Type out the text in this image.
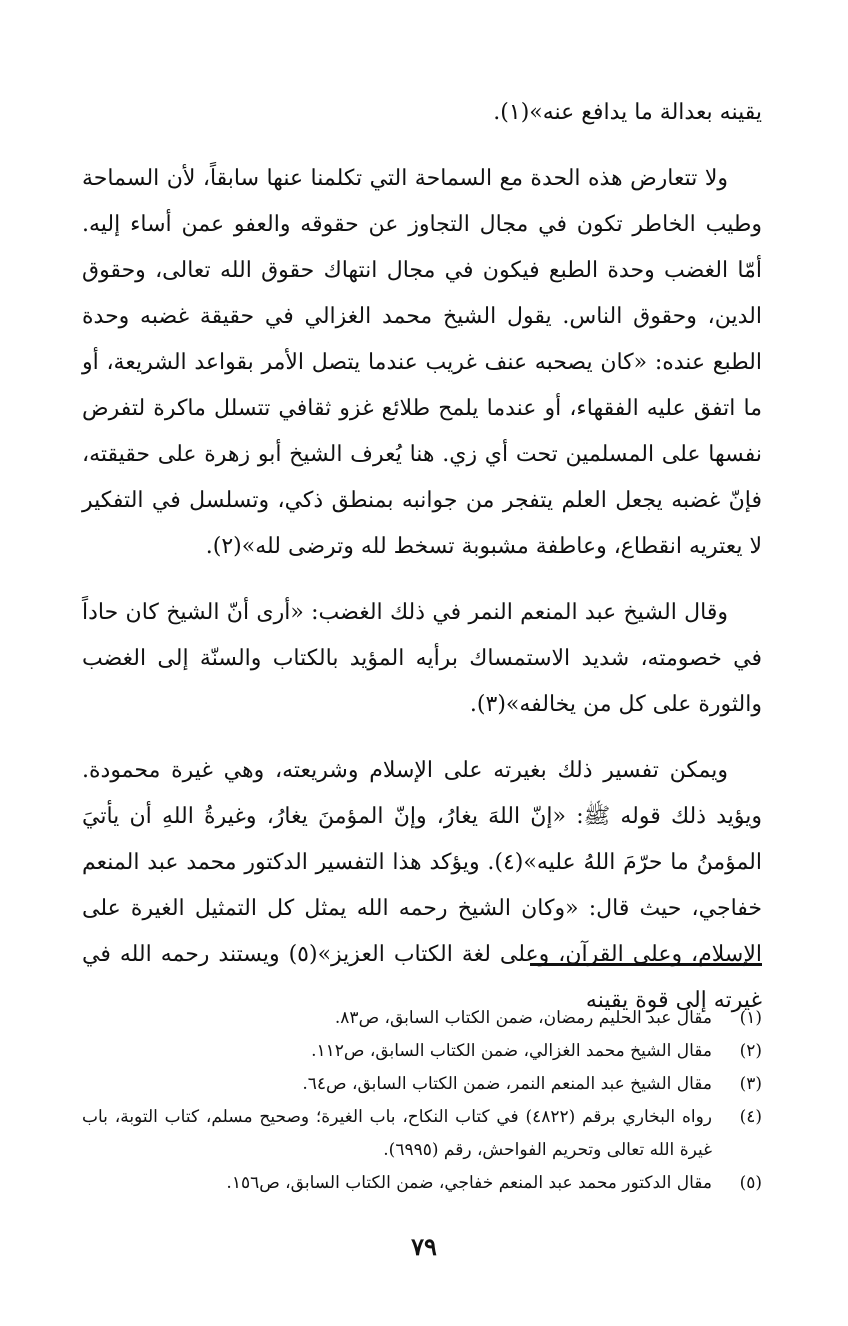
يقينه بعدالة ما يدافع عنه»(١).

ولا تتعارض هذه الحدة مع السماحة التي تكلمنا عنها سابقاً، لأن السماحة وطيب الخاطر تكون في مجال التجاوز عن حقوقه والعفو عمن أساء إليه. أمّا الغضب وحدة الطبع فيكون في مجال انتهاك حقوق الله تعالى، وحقوق الدين، وحقوق الناس. يقول الشيخ محمد الغزالي في حقيقة غضبه وحدة الطبع عنده: «كان يصحبه عنف غريب عندما يتصل الأمر بقواعد الشريعة، أو ما اتفق عليه الفقهاء، أو عندما يلمح طلائع غزو ثقافي تتسلل ماكرة لتفرض نفسها على المسلمين تحت أي زي. هنا يُعرف الشيخ أبو زهرة على حقيقته، فإنّ غضبه يجعل العلم يتفجر من جوانبه بمنطق ذكي، وتسلسل في التفكير لا يعتريه انقطاع، وعاطفة مشبوبة تسخط لله وترضى لله»(٢).

وقال الشيخ عبد المنعم النمر في ذلك الغضب: «أرى أنّ الشيخ كان حاداً في خصومته، شديد الاستمساك برأيه المؤيد بالكتاب والسنّة إلى الغضب والثورة على كل من يخالفه»(٣).

ويمكن تفسير ذلك بغيرته على الإسلام وشريعته، وهي غيرة محمودة. ويؤيد ذلك قوله ﷺ: «إنّ اللهَ يغارُ، وإنّ المؤمنَ يغارُ، وغيرةُ اللهِ أن يأتيَ المؤمنُ ما حرّمَ اللهُ عليه»(٤). ويؤكد هذا التفسير الدكتور محمد عبد المنعم خفاجي، حيث قال: «وكان الشيخ رحمه الله يمثل كل التمثيل الغيرة على الإسلام، وعلى القرآن، وعلى لغة الكتاب العزيز»(٥) ويستند رحمه الله في غيرته إلى قوة يقينه

(١)
مقال عبد الحليم رمضان، ضمن الكتاب السابق، ص٨٣.
(٢)
مقال الشيخ محمد الغزالي، ضمن الكتاب السابق، ص١١٢.
(٣)
مقال الشيخ عبد المنعم النمر، ضمن الكتاب السابق، ص٦٤.
(٤)
رواه البخاري برقم (٤٨٢٢) في كتاب النكاح، باب الغيرة؛ وصحيح مسلم، كتاب التوبة، باب غيرة الله تعالى وتحريم الفواحش، رقم (٦٩٩٥).
(٥)
مقال الدكتور محمد عبد المنعم خفاجي، ضمن الكتاب السابق، ص١٥٦.
٧٩
